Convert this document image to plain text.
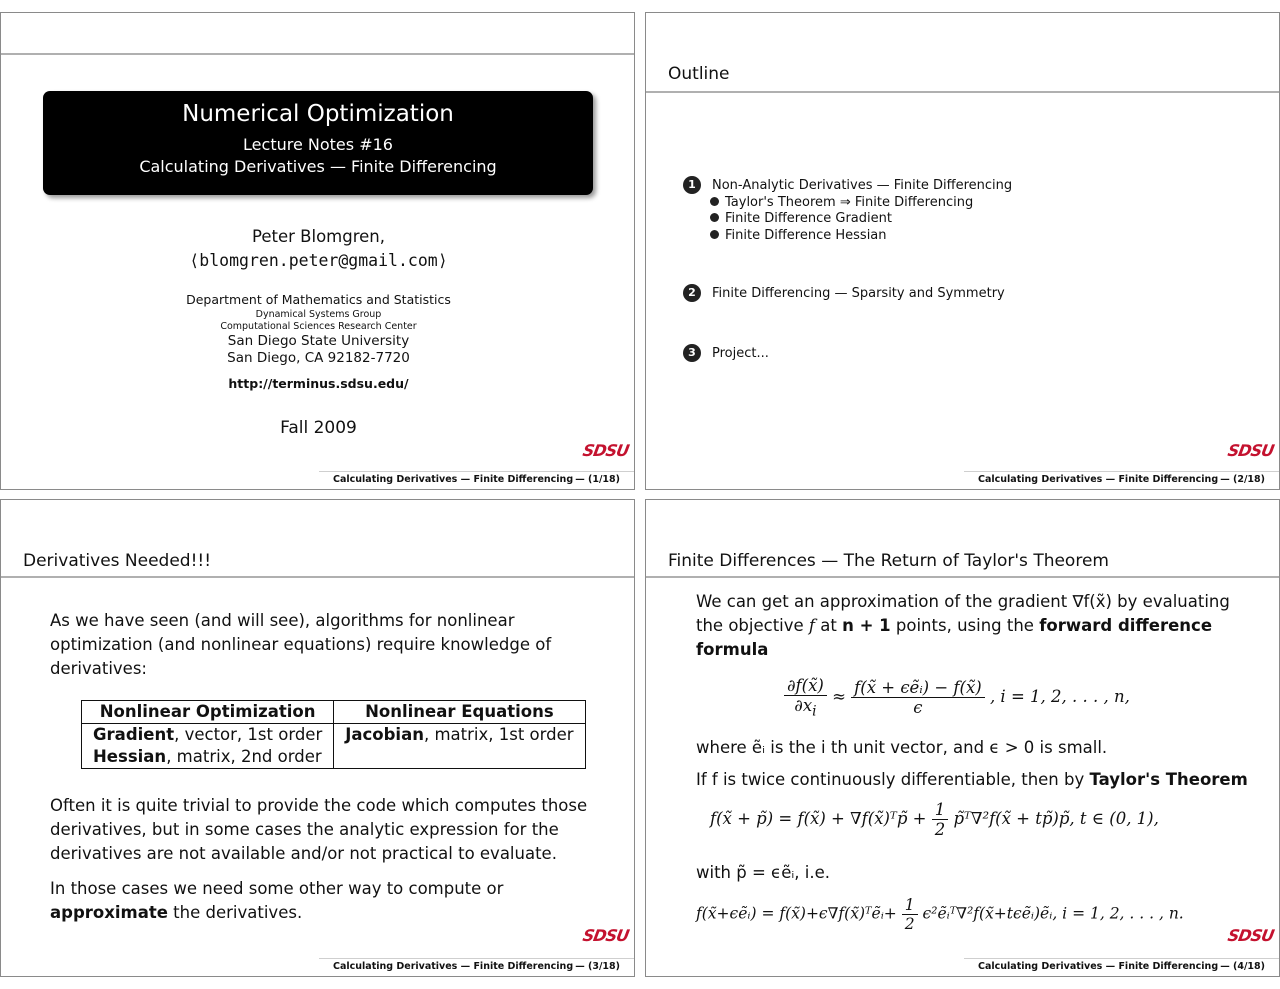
Numerical Optimization
Lecture Notes #16
Calculating Derivatives — Finite Differencing
Peter Blomgren,
⟨blomgren.peter@gmail.com⟩
Department of Mathematics and Statistics
Dynamical Systems Group
Computational Sciences Research Center
San Diego State University
San Diego, CA 92182-7720
http://terminus.sdsu.edu/
Fall 2009
SDSU
Calculating Derivatives — Finite Differencing — (1/18)
Outline
1	Non-Analytic Derivatives — Finite Differencing
Taylor's Theorem ⇒ Finite Differencing
Finite Difference Gradient
Finite Difference Hessian
2	Finite Differencing — Sparsity and Symmetry
3	Project...
SDSU
Calculating Derivatives — Finite Differencing — (2/18)
Derivatives Needed!!!
As we have seen (and will see), algorithms for nonlinear
optimization (and nonlinear equations) require knowledge of
derivatives:
Nonlinear Optimization	Nonlinear Equations
Gradient, vector, 1st order	Jacobian, matrix, 1st order
Hessian, matrix, 2nd order	
Often it is quite trivial to provide the code which computes those
derivatives, but in some cases the analytic expression for the
derivatives are not available and/or not practical to evaluate.
In those cases we need some other way to compute or
approximate the derivatives.
SDSU
Calculating Derivatives — Finite Differencing — (3/18)
Finite Differences — The Return of Taylor's Theorem
We can get an approximation of the gradient ∇f(x̃) by evaluating
the objective f at n + 1 points, using the forward difference
formula
$\frac{\partial f(x̃)}{\partial x_i} \approx \frac{\text{f(x̃ + ϵẽᵢ) − f(x̃)}}{\epsilon}$ , i = 1, 2, . . . , n,
where ẽᵢ is the i th unit vector, and ϵ > 0 is small.
If f is twice continuously differentiable, then by Taylor's Theorem
f(x̃ + p̃) = f(x̃) + ∇f(x̃)ᵀp̃ + $\frac{1}{2}$ p̃ᵀ∇²f(x̃ + tp̃)p̃, t ∈ (0, 1),
with p̃ = ϵẽᵢ, i.e.
f(x̃+ϵẽᵢ) = f(x̃)+ϵ∇f(x̃)ᵀẽᵢ+ $\frac{1}{2}$ ϵ²ẽᵢᵀ∇²f(x̃+tϵẽᵢ)ẽᵢ, i = 1, 2, . . . , n.
SDSU
Calculating Derivatives — Finite Differencing — (4/18)
